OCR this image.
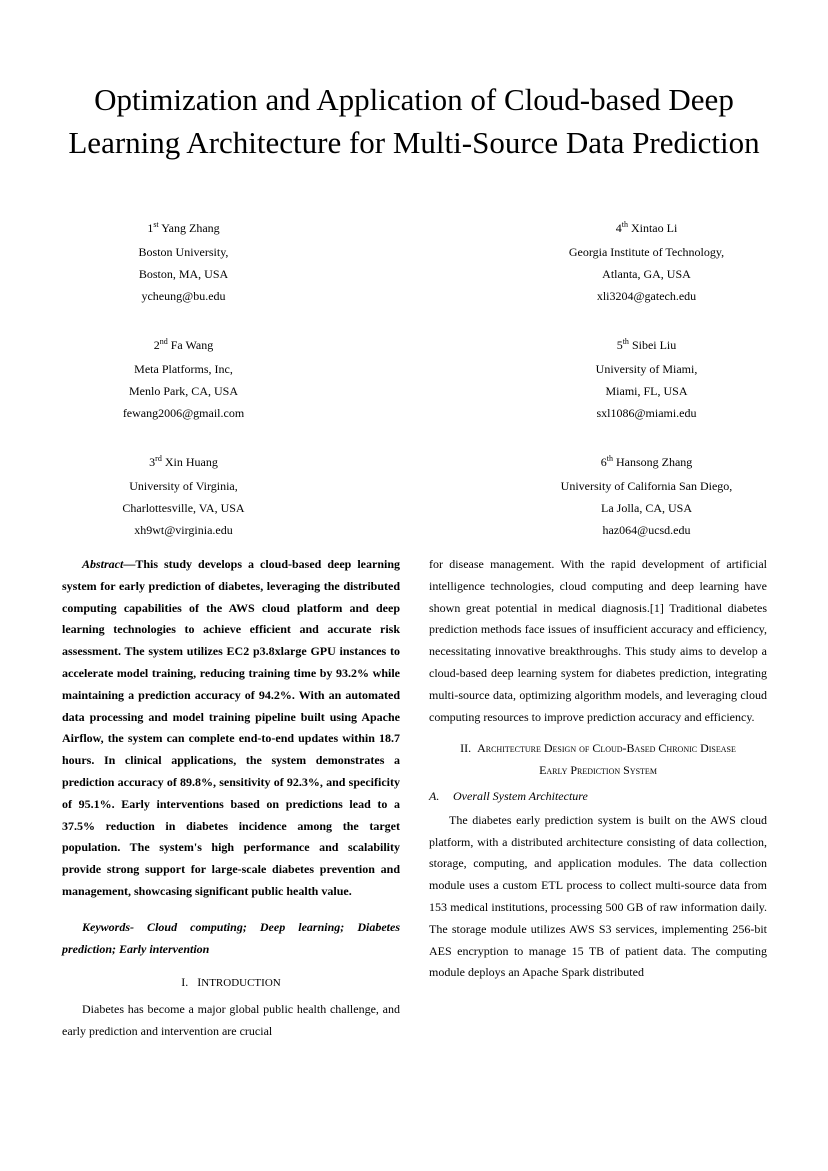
Optimization and Application of Cloud-based Deep Learning Architecture for Multi-Source Data Prediction
1st Yang Zhang
Boston University,
Boston, MA, USA
ycheung@bu.edu
4th Xintao Li
Georgia Institute of Technology,
Atlanta, GA, USA
xli3204@gatech.edu
2nd Fa Wang
Meta Platforms, Inc,
Menlo Park, CA, USA
fewang2006@gmail.com
5th Sibei Liu
University of Miami,
Miami, FL, USA
sxl1086@miami.edu
3rd Xin Huang
University of Virginia,
Charlottesville, VA, USA
xh9wt@virginia.edu
6th Hansong Zhang
University of California San Diego,
La Jolla, CA, USA
haz064@ucsd.edu

Abstract—This study develops a cloud-based deep learning system for early prediction of diabetes, leveraging the distributed computing capabilities of the AWS cloud platform and deep learning technologies to achieve efficient and accurate risk assessment. The system utilizes EC2 p3.8xlarge GPU instances to accelerate model training, reducing training time by 93.2% while maintaining a prediction accuracy of 94.2%. With an automated data processing and model training pipeline built using Apache Airflow, the system can complete end-to-end updates within 18.7 hours. In clinical applications, the system demonstrates a prediction accuracy of 89.8%, sensitivity of 92.3%, and specificity of 95.1%. Early interventions based on predictions lead to a 37.5% reduction in diabetes incidence among the target population. The system's high performance and scalability provide strong support for large-scale diabetes prevention and management, showcasing significant public health value.

Keywords- Cloud computing; Deep learning; Diabetes prediction; Early intervention

I. INTRODUCTION

Diabetes has become a major global public health challenge, and early prediction and intervention are crucial

for disease management. With the rapid development of artificial intelligence technologies, cloud computing and deep learning have shown great potential in medical diagnosis.[1] Traditional diabetes prediction methods face issues of insufficient accuracy and efficiency, necessitating innovative breakthroughs. This study aims to develop a cloud-based deep learning system for diabetes prediction, integrating multi-source data, optimizing algorithm models, and leveraging cloud computing resources to improve prediction accuracy and efficiency.

II. Architecture Design of Cloud-Based Chronic Disease Early Prediction System
A. Overall System Architecture

The diabetes early prediction system is built on the AWS cloud platform, with a distributed architecture consisting of data collection, storage, computing, and application modules. The data collection module uses a custom ETL process to collect multi-source data from 153 medical institutions, processing 500 GB of raw information daily. The storage module utilizes AWS S3 services, implementing 256-bit AES encryption to manage 15 TB of patient data. The computing module deploys an Apache Spark distributed
